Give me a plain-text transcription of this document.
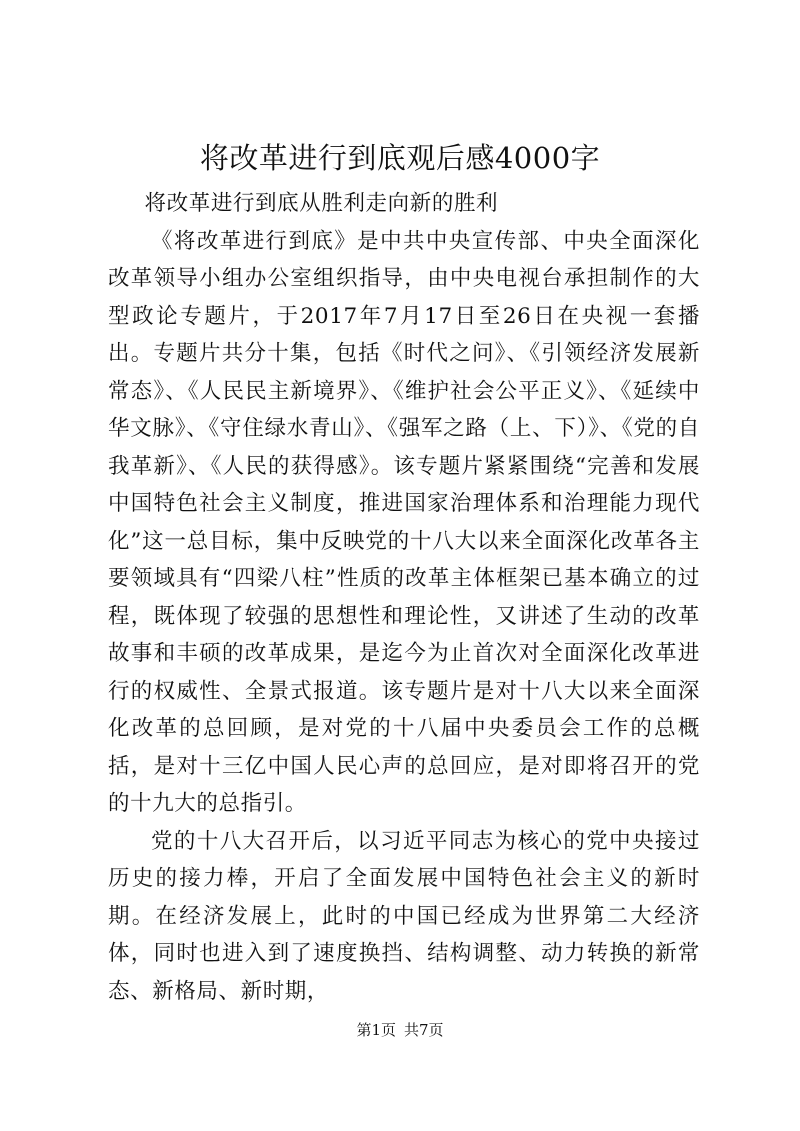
将改革进行到底观后感4000字

将改革进行到底从胜利走向新的胜利

《将改革进行到底》是中共中央宣传部、中央全面深化改革领导小组办公室组织指导，由中央电视台承担制作的大型政论专题片，于2017年7月17日至26日在央视一套播出。专题片共分十集，包括《时代之问》、《引领经济发展新常态》、《人民民主新境界》、《维护社会公平正义》、《延续中华文脉》、《守住绿水青山》、《强军之路（上、下）》、《党的自我革新》、《人民的获得感》。该专题片紧紧围绕“完善和发展中国特色社会主义制度，推进国家治理体系和治理能力现代化”这一总目标，集中反映党的十八大以来全面深化改革各主要领域具有“四梁八柱”性质的改革主体框架已基本确立的过程，既体现了较强的思想性和理论性，又讲述了生动的改革故事和丰硕的改革成果，是迄今为止首次对全面深化改革进行的权威性、全景式报道。该专题片是对十八大以来全面深化改革的总回顾，是对党的十八届中央委员会工作的总概括，是对十三亿中国人民心声的总回应，是对即将召开的党的十九大的总指引。

党的十八大召开后，以习近平同志为核心的党中央接过历史的接力棒，开启了全面发展中国特色社会主义的新时期。在经济发展上，此时的中国已经成为世界第二大经济体，同时也进入到了速度换挡、结构调整、动力转换的新常态、新格局、新时期，

第1页 共7页
